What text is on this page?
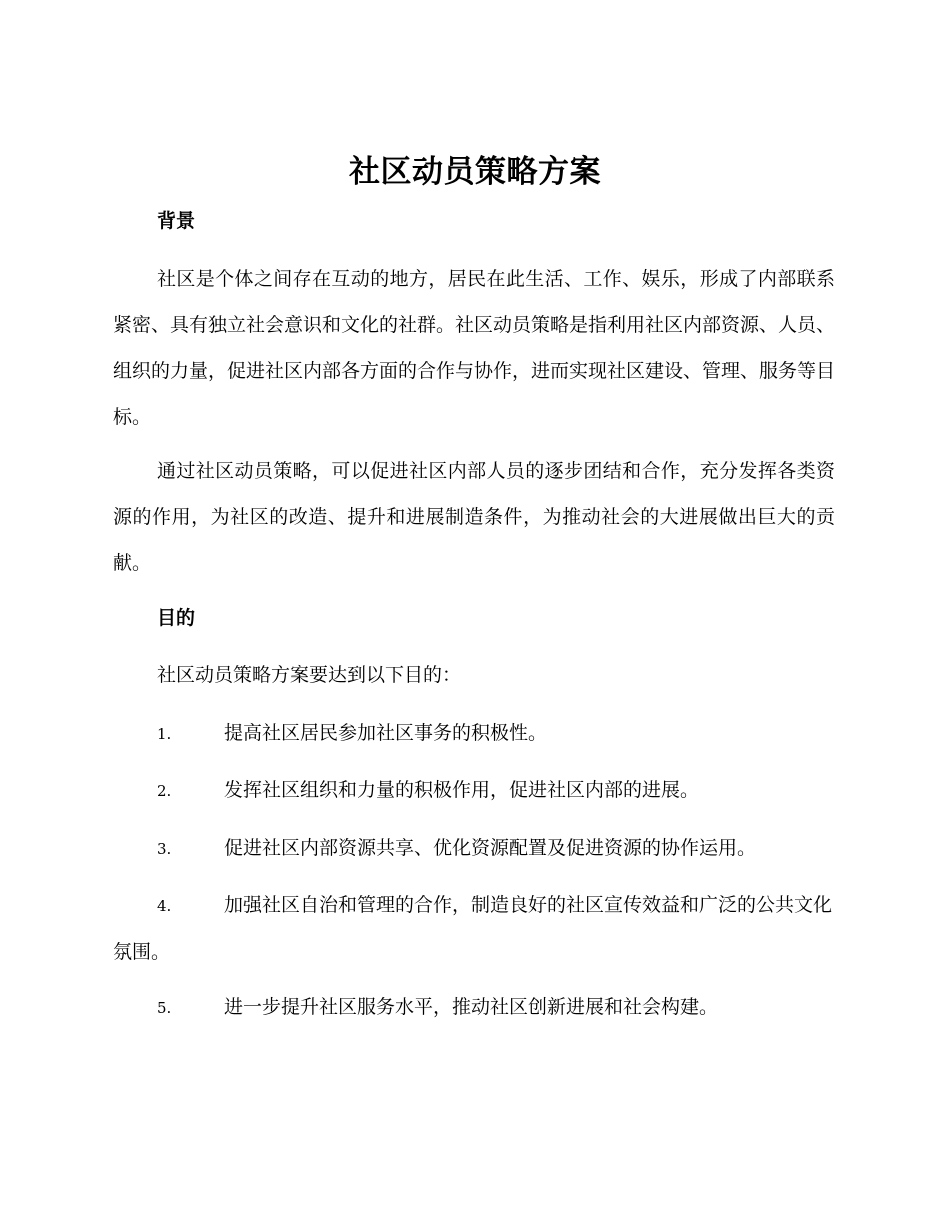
社区动员策略方案
背景
社区是个体之间存在互动的地方，居民在此生活、工作、娱乐，形成了内部联系紧密、具有独立社会意识和文化的社群。社区动员策略是指利用社区内部资源、人员、组织的力量，促进社区内部各方面的合作与协作，进而实现社区建设、管理、服务等目标。
通过社区动员策略，可以促进社区内部人员的逐步团结和合作，充分发挥各类资源的作用，为社区的改造、提升和进展制造条件，为推动社会的大进展做出巨大的贡献。
目的
社区动员策略方案要达到以下目的：
1.	提高社区居民参加社区事务的积极性。
2.	发挥社区组织和力量的积极作用，促进社区内部的进展。
3.	促进社区内部资源共享、优化资源配置及促进资源的协作运用。
4.	加强社区自治和管理的合作，制造良好的社区宣传效益和广泛的公共文化氛围。
5.	进一步提升社区服务水平，推动社区创新进展和社会构建。
